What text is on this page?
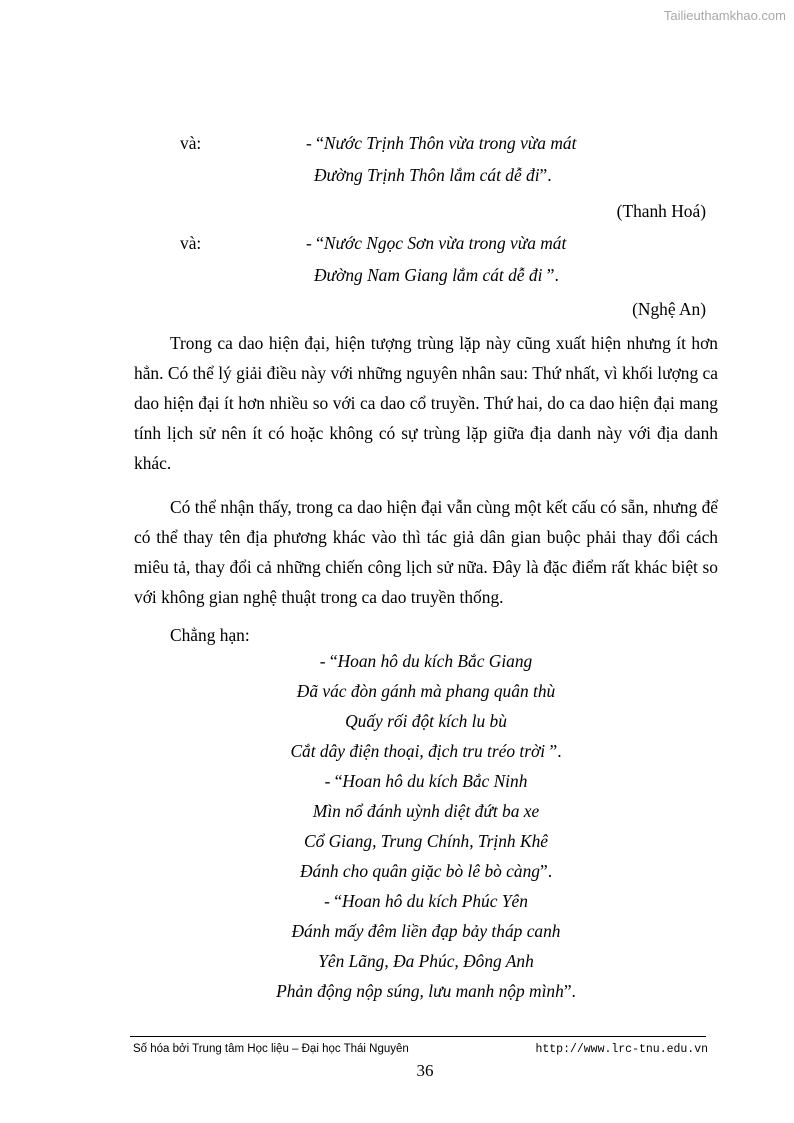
Tailieuthamkhao.com
và:	- “Nước Trịnh Thôn vừa trong vừa mát
Đường Trịnh Thôn lắm cát dễ đi”.
(Thanh Hoá)
và:	- “Nước Ngọc Sơn vừa trong vừa mát
Đường Nam Giang lắm cát dễ đi ”.
(Nghệ An)

Trong ca dao hiện đại, hiện tượng trùng lặp này cũng xuất hiện nhưng ít hơn hẳn. Có thể lý giải điều này với những nguyên nhân sau: Thứ nhất, vì khối lượng ca dao hiện đại ít hơn nhiều so với ca dao cổ truyền. Thứ hai, do ca dao hiện đại mang tính lịch sử nên ít có hoặc không có sự trùng lặp giữa địa danh này với địa danh khác.

Có thể nhận thấy, trong ca dao hiện đại vẫn cùng một kết cấu có sẵn, nhưng để có thể thay tên địa phương khác vào thì tác giả dân gian buộc phải thay đổi cách miêu tả, thay đổi cả những chiến công lịch sử nữa. Đây là đặc điểm rất khác biệt so với không gian nghệ thuật trong ca dao truyền thống.

Chẳng hạn:

- “Hoan hô du kích Bắc Giang
Đã vác đòn gánh mà phang quân thù
Quấy rối đột kích lu bù
Cắt dây điện thoại, địch tru tréo trời ”.
- “Hoan hô du kích Bắc Ninh
Mìn nổ đánh uỳnh diệt đứt ba xe
Cổ Giang, Trung Chính, Trịnh Khê
Đánh cho quân giặc bò lê bò càng”.
- “Hoan hô du kích Phúc Yên
Đánh mấy đêm liền đạp bảy tháp canh
Yên Lãng, Đa Phúc, Đông Anh
Phản động nộp súng, lưu manh nộp mình”.
Số hóa bởi Trung tâm Học liệu – Đại học Thái Nguyên	http://www.lrc-tnu.edu.vn
36
